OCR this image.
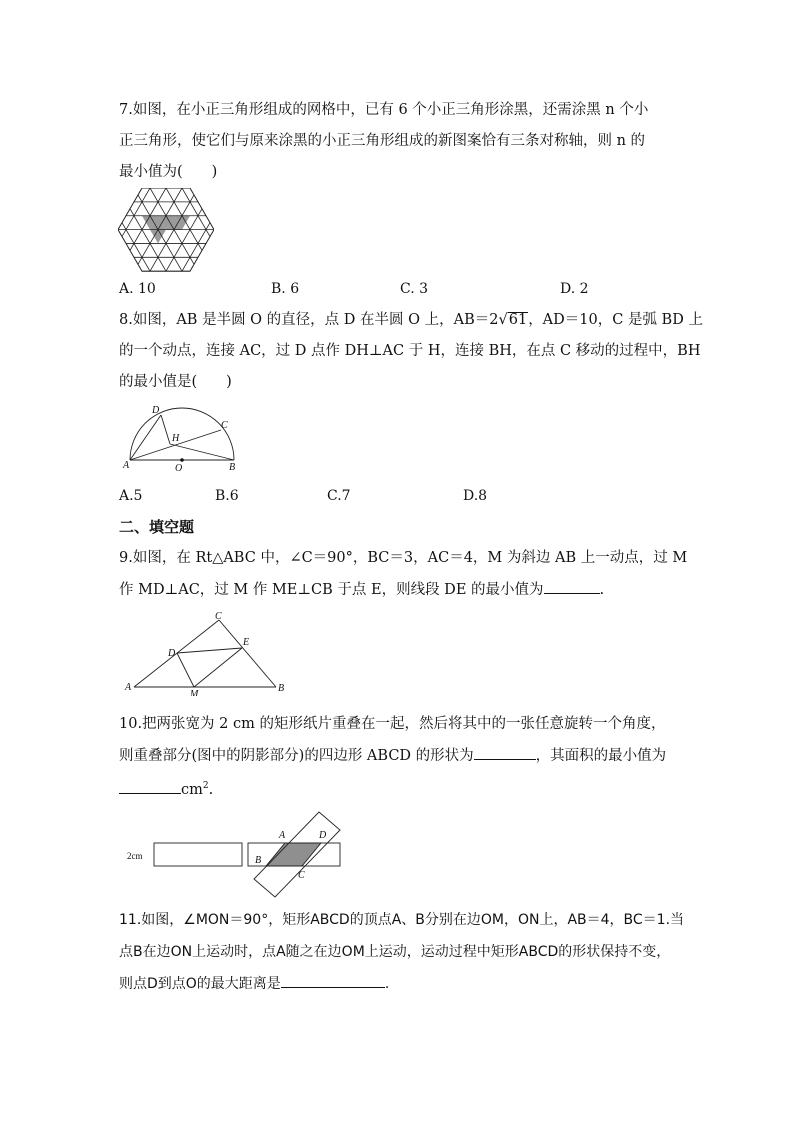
7.如图，在小正三角形组成的网格中，已有 6 个小正三角形涂黑，还需涂黑 n 个小
正三角形，使它们与原来涂黑的小正三角形组成的新图案恰有三条对称轴，则 n 的
最小值为(　　)
A. 10	B. 6	C. 3	D. 2
8.如图，AB 是半圆 O 的直径，点 D 在半圆 O 上，AB＝2√61，AD＝10，C 是弧 BD 上
的一个动点，连接 AC，过 D 点作 DH⊥AC 于 H，连接 BH，在点 C 移动的过程中，BH
的最小值是(　　)
D
C
H
A	O	B
A.5	B.6	C.7	D.8
二、填空题
9.如图，在 Rt△ABC 中，∠C＝90°，BC＝3，AC＝4，M 为斜边 AB 上一动点，过 M
作 MD⊥AC，过 M 作 ME⊥CB 于点 E，则线段 DE 的最小值为	.
C
E
D
A
M
B
10.把两张宽为 2 cm 的矩形纸片重叠在一起，然后将其中的一张任意旋转一个角度，
则重叠部分(图中的阴影部分)的四边形 ABCD 的形状为	，其面积的最小值为
$cm^2$.
2cm
A	D
B
C
11.如图，∠MON＝90°，矩形ABCD的顶点A、B分别在边OM，ON上，AB＝4，BC＝1.当
点B在边ON上运动时，点A随之在边OM上运动，运动过程中矩形ABCD的形状保持不变，
则点D到点O的最大距离是	.
